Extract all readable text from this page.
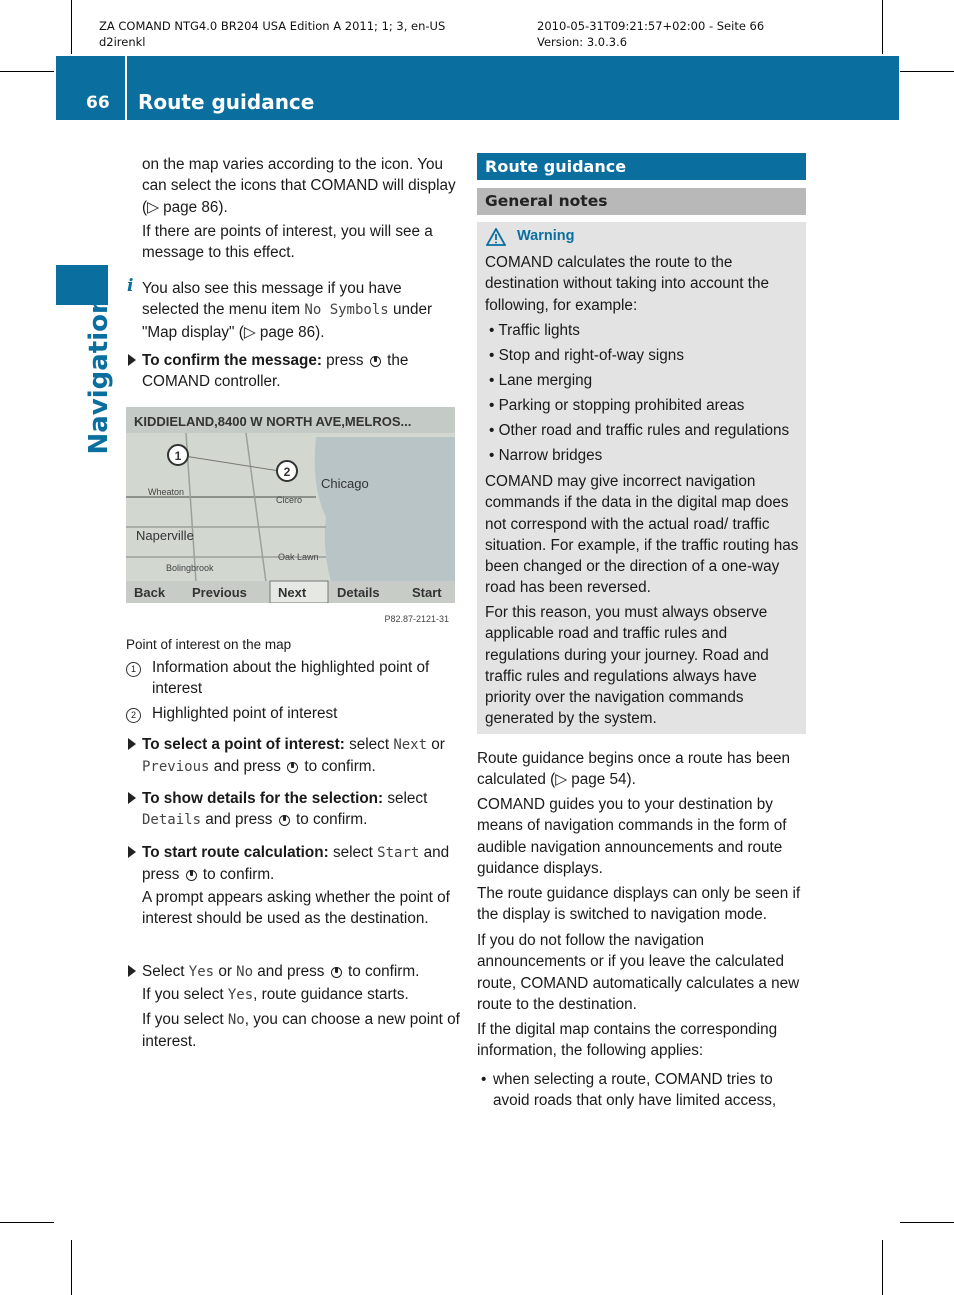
ZA COMAND NTG4.0 BR204 USA Edition A 2011; 1; 3, en-US
d2irenkl
2010-05-31T09:21:57+02:00 - Seite 66
Version: 3.0.3.6
66 Route guidance
Navigation
on the map varies according to the icon. You can select the icons that COMAND will display (▷ page 86).
If there are points of interest, you will see a message to this effect.
i You also see this message if you have selected the menu item No Symbols under "Map display" (▷ page 86).
To confirm the message: press the COMAND controller.
KIDDIELAND,8400 W NORTH AVE,MELROS...
1
2
Chicago
Naperville
Wheaton
Cicero
Oak Lawn
Bolingbrook
Back Previous Next Details Start
P82.87-2121-31
Point of interest on the map
1	Information about the highlighted point of interest
2	Highlighted point of interest
To select a point of interest: select Next or Previous and press to confirm.
To show details for the selection: select Details and press to confirm.
To start route calculation: select Start and press to confirm.
A prompt appears asking whether the point of interest should be used as the destination.
Select Yes or No and press to confirm.
If you select Yes, route guidance starts.
If you select No, you can choose a new point of interest.
Route guidance
General notes
Warning
COMAND calculates the route to the destination without taking into account the following, for example:
• Traffic lights
• Stop and right-of-way signs
• Lane merging
• Parking or stopping prohibited areas
• Other road and traffic rules and regulations
• Narrow bridges
COMAND may give incorrect navigation commands if the data in the digital map does not correspond with the actual road/ traffic situation. For example, if the traffic routing has been changed or the direction of a one-way road has been reversed.
For this reason, you must always observe applicable road and traffic rules and regulations during your journey. Road and traffic rules and regulations always have priority over the navigation commands generated by the system.
Route guidance begins once a route has been calculated (▷ page 54).
COMAND guides you to your destination by means of navigation commands in the form of audible navigation announcements and route guidance displays.
The route guidance displays can only be seen if the display is switched to navigation mode.
If you do not follow the navigation announcements or if you leave the calculated route, COMAND automatically calculates a new route to the destination.
If the digital map contains the corresponding information, the following applies:
• when selecting a route, COMAND tries to avoid roads that only have limited access,
